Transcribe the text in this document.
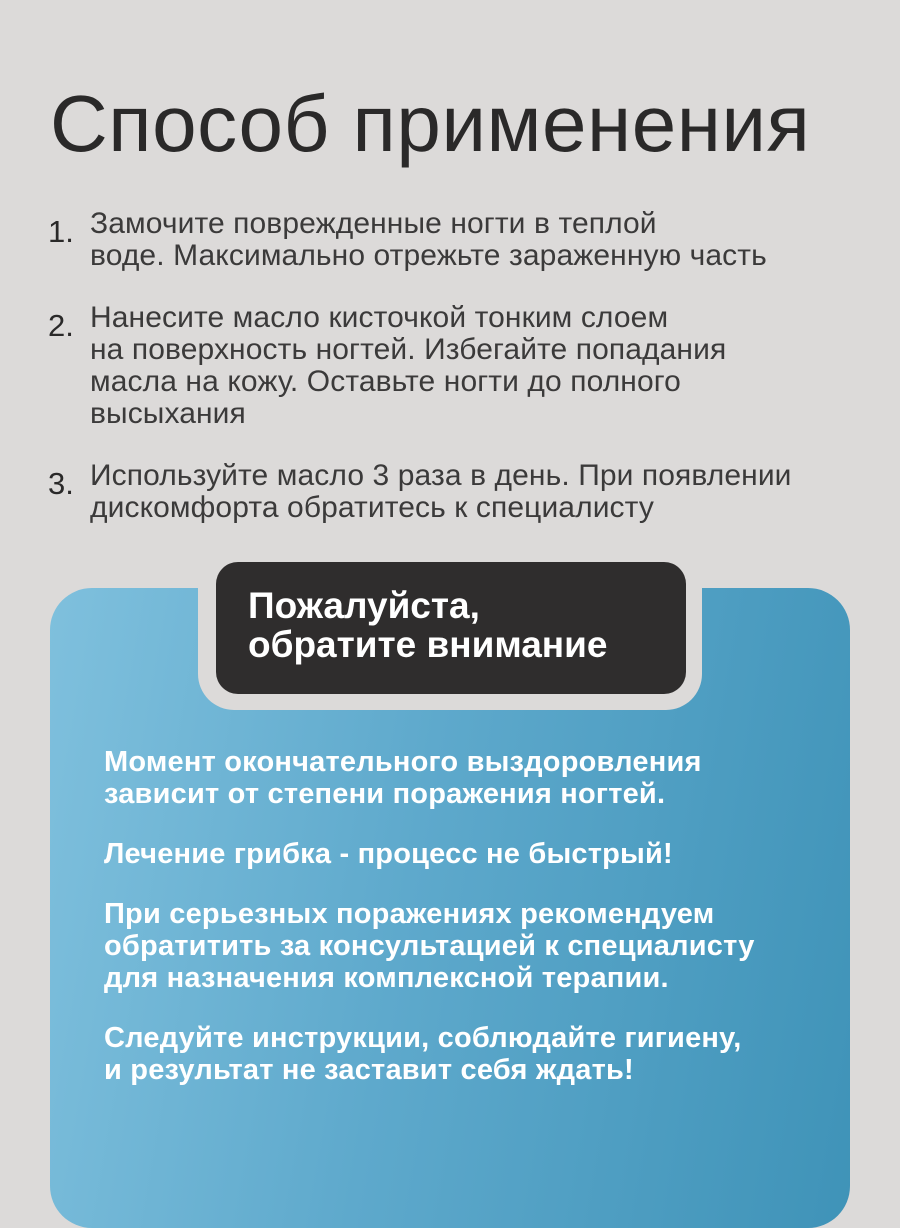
Способ применения
1. Замочите поврежденные ногти в теплой
воде. Максимально отрежьте зараженную часть
2. Нанесите масло кисточкой тонким слоем
на поверхность ногтей. Избегайте попадания
масла на кожу. Оставьте ногти до полного
высыхания
3. Используйте масло 3 раза в день. При появлении
дискомфорта обратитесь к специалисту
Пожалуйста,
обратите внимание

Момент окончательного выздоровления
зависит от степени поражения ногтей.

Лечение грибка - процесс не быстрый!

При серьезных поражениях рекомендуем
обратитить за консультацией к специалисту
для назначения комплексной терапии.

Следуйте инструкции, соблюдайте гигиену,
и результат не заставит себя ждать!
